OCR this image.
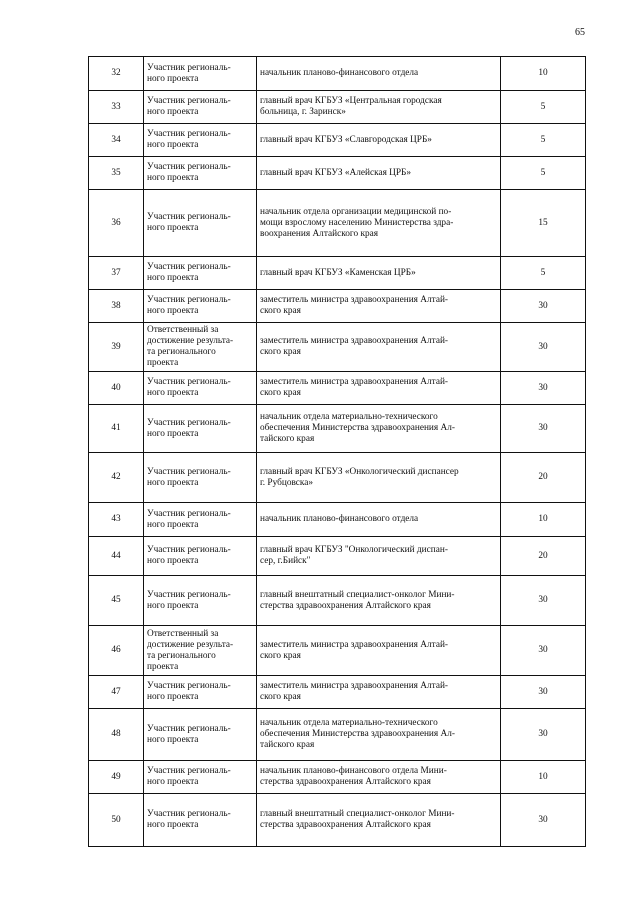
65
32	Участник региональ-
ного проекта	начальник планово-финансового отдела	10

33	Участник региональ-
ного проекта	главный врач КГБУЗ «Центральная городская
больница, г. Заринск»	5

34	Участник региональ-
ного проекта	главный врач КГБУЗ «Славгородская ЦРБ»	5

35	Участник региональ-
ного проекта	главный врач КГБУЗ «Алейская ЦРБ»	5

36	Участник региональ-
ного проекта	начальник отдела организации медицинской по-
мощи взрослому населению Министерства здра-
воохранения Алтайского края	15

37	Участник региональ-
ного проекта	главный врач КГБУЗ «Каменская ЦРБ»	5

38	Участник региональ-
ного проекта	заместитель министра здравоохранения Алтай-
ского края	30

39	Ответственный за
достижение результа-
та регионального
проекта	заместитель министра здравоохранения Алтай-
ского края	30

40	Участник региональ-
ного проекта	заместитель министра здравоохранения Алтай-
ского края	30

41	Участник региональ-
ного проекта	начальник отдела материально-технического
обеспечения Министерства здравоохранения Ал-
тайского края	30

42	Участник региональ-
ного проекта	главный врач КГБУЗ «Онкологический диспансер
г. Рубцовска»	20

43	Участник региональ-
ного проекта	начальник планово-финансового отдела	10

44	Участник региональ-
ного проекта	главный врач КГБУЗ "Онкологический диспан-
сер, г.Бийск"	20

45	Участник региональ-
ного проекта	главный внештатный специалист-онколог Мини-
стерства здравоохранения Алтайского края	30

46	Ответственный за
достижение результа-
та регионального
проекта	заместитель министра здравоохранения Алтай-
ского края	30

47	Участник региональ-
ного проекта	заместитель министра здравоохранения Алтай-
ского края	30

48	Участник региональ-
ного проекта	начальник отдела материально-технического
обеспечения Министерства здравоохранения Ал-
тайского края	30

49	Участник региональ-
ного проекта	начальник планово-финансового отдела Мини-
стерства здравоохранения Алтайского края	10

50	Участник региональ-
ного проекта	главный внештатный специалист-онколог Мини-
стерства здравоохранения Алтайского края	30
